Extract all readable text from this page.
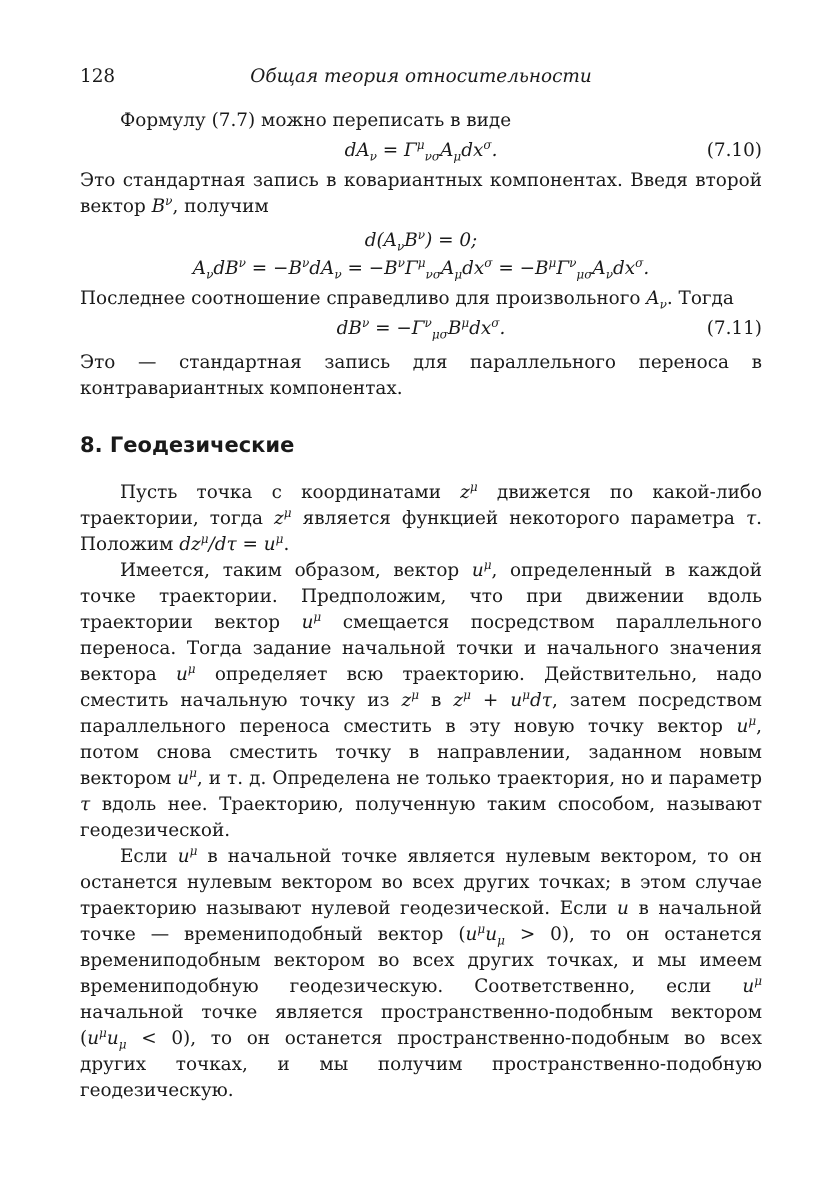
128	Общая теория относительности

Формулу (7.7) можно переписать в виде

$dA_\nu = \Gamma^\mu_{\nu\sigma}A_\mu dx^\sigma$.	(7.10)

Это стандартная запись в ковариантных компонентах. Введя второй вектор $B^\nu$, получим

$d(A_\nu B^\nu) = 0$;
$A_\nu dB^\nu = -B^\nu dA_\nu = -B^\nu\Gamma^\mu_{\nu\sigma}A_\mu dx^\sigma = -B^\mu\Gamma^\nu_{\mu\sigma}A_\nu dx^\sigma$.

Последнее соотношение справедливо для произвольного $A_\nu$. Тогда

$dB^\nu = -\Gamma^\nu_{\mu\sigma}B^\mu dx^\sigma$.	(7.11)

Это — стандартная запись для параллельного переноса в контравариантных компонентах.

8. Геодезические

Пусть точка с координатами $z^\mu$ движется по какой-либо траектории, тогда $z^\mu$ является функцией некоторого параметра τ. Положим $dz^\mu/d\tau = u^\mu$.

Имеется, таким образом, вектор $u^\mu$, определенный в каждой точке траектории. Предположим, что при движении вдоль траектории вектор $u^\mu$ смещается посредством параллельного переноса. Тогда задание начальной точки и начального значения вектора $u^\mu$ определяет всю траекторию. Действительно, надо сместить начальную точку из $z^\mu$ в $z^\mu + u^\mu d\tau$, затем посредством параллельного переноса сместить в эту новую точку вектор $u^\mu$, потом снова сместить точку в направлении, заданном новым вектором $u^\mu$, и т. д. Определена не только траектория, но и параметр τ вдоль нее. Траекторию, полученную таким способом, называют геодезической.

Если $u^\mu$ в начальной точке является нулевым вектором, то он останется нулевым вектором во всех других точках; в этом случае траекторию называют нулевой геодезической. Если u в начальной точке — времениподобный вектор $(u^\mu u_\mu > 0)$, то он останется времениподобным вектором во всех других точках, и мы имеем времениподобную геодезическую. Соответственно, если $u^\mu$ начальной точке является пространственно-подобным вектором $(u^\mu u_\mu < 0)$, то он останется пространственно-подобным во всех других точках, и мы получим пространственно-подобную геодезическую.
